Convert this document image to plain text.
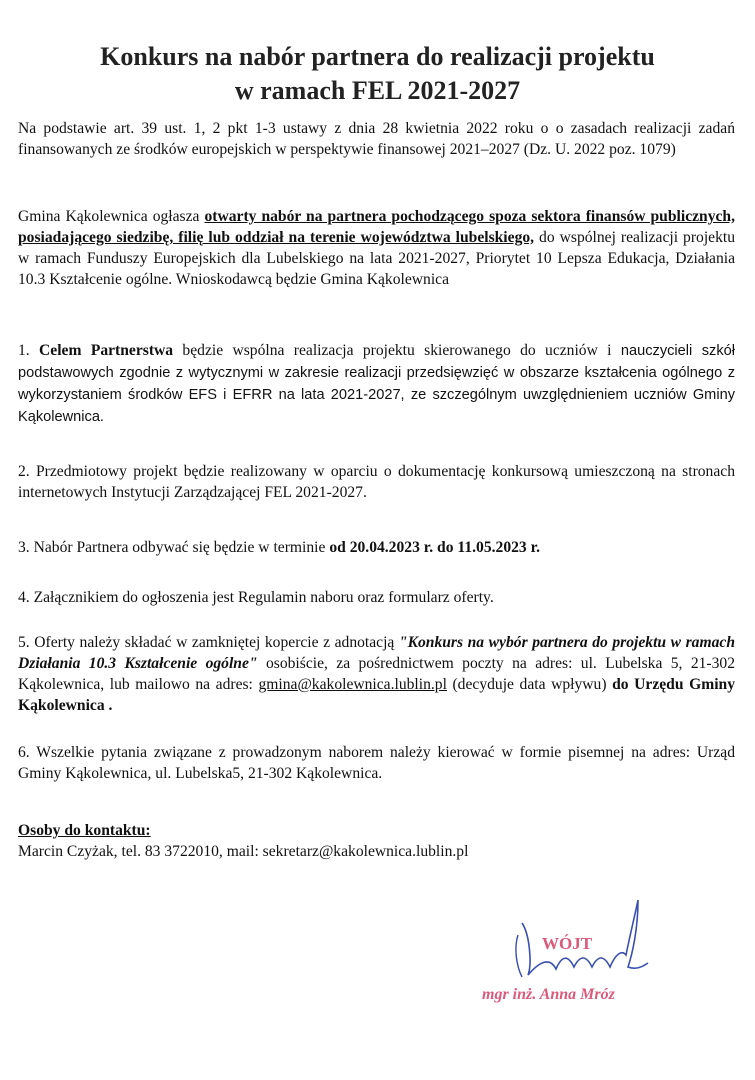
Konkurs na nabór partnera do realizacji projektu
w ramach FEL 2021-2027

Na podstawie art. 39 ust. 1, 2 pkt 1-3 ustawy z dnia 28 kwietnia 2022 roku o o zasadach realizacji zadań finansowanych ze środków europejskich w perspektywie finansowej 2021–2027 (Dz. U. 2022 poz. 1079)

Gmina Kąkolewnica ogłasza otwarty nabór na partnera pochodzącego spoza sektora finansów publicznych, posiadającego siedzibę, filię lub oddział na terenie województwa lubelskiego, do wspólnej realizacji projektu w ramach Funduszy Europejskich dla Lubelskiego na lata 2021-2027, Priorytet 10 Lepsza Edukacja, Działania 10.3 Kształcenie ogólne. Wnioskodawcą będzie Gmina Kąkolewnica

1. Celem Partnerstwa będzie wspólna realizacja projektu skierowanego do uczniów i nauczycieli szkół podstawowych zgodnie z wytycznymi w zakresie realizacji przedsięwzięć w obszarze kształcenia ogólnego z wykorzystaniem środków EFS i EFRR na lata 2021-2027, ze szczególnym uwzględnieniem uczniów Gminy Kąkolewnica.

2. Przedmiotowy projekt będzie realizowany w oparciu o dokumentację konkursową umieszczoną na stronach internetowych Instytucji Zarządzającej FEL 2021-2027.

3. Nabór Partnera odbywać się będzie w terminie od 20.04.2023 r. do 11.05.2023 r.

4. Załącznikiem do ogłoszenia jest Regulamin naboru oraz formularz oferty.

5. Oferty należy składać w zamkniętej kopercie z adnotacją "Konkurs na wybór partnera do projektu w ramach Działania 10.3 Kształcenie ogólne" osobiście, za pośrednictwem poczty na adres: ul. Lubelska 5, 21-302 Kąkolewnica, lub mailowo na adres: gmina@kakolewnica.lublin.pl (decyduje data wpływu) do Urzędu Gminy Kąkolewnica .

6. Wszelkie pytania związane z prowadzonym naborem należy kierować w formie pisemnej na adres: Urząd Gminy Kąkolewnica, ul. Lubelska5, 21-302 Kąkolewnica.

Osoby do kontaktu:
Marcin Czyżak, tel. 83 3722010, mail: sekretarz@kakolewnica.lublin.pl
WÓJT
mgr inż. Anna Mróz
